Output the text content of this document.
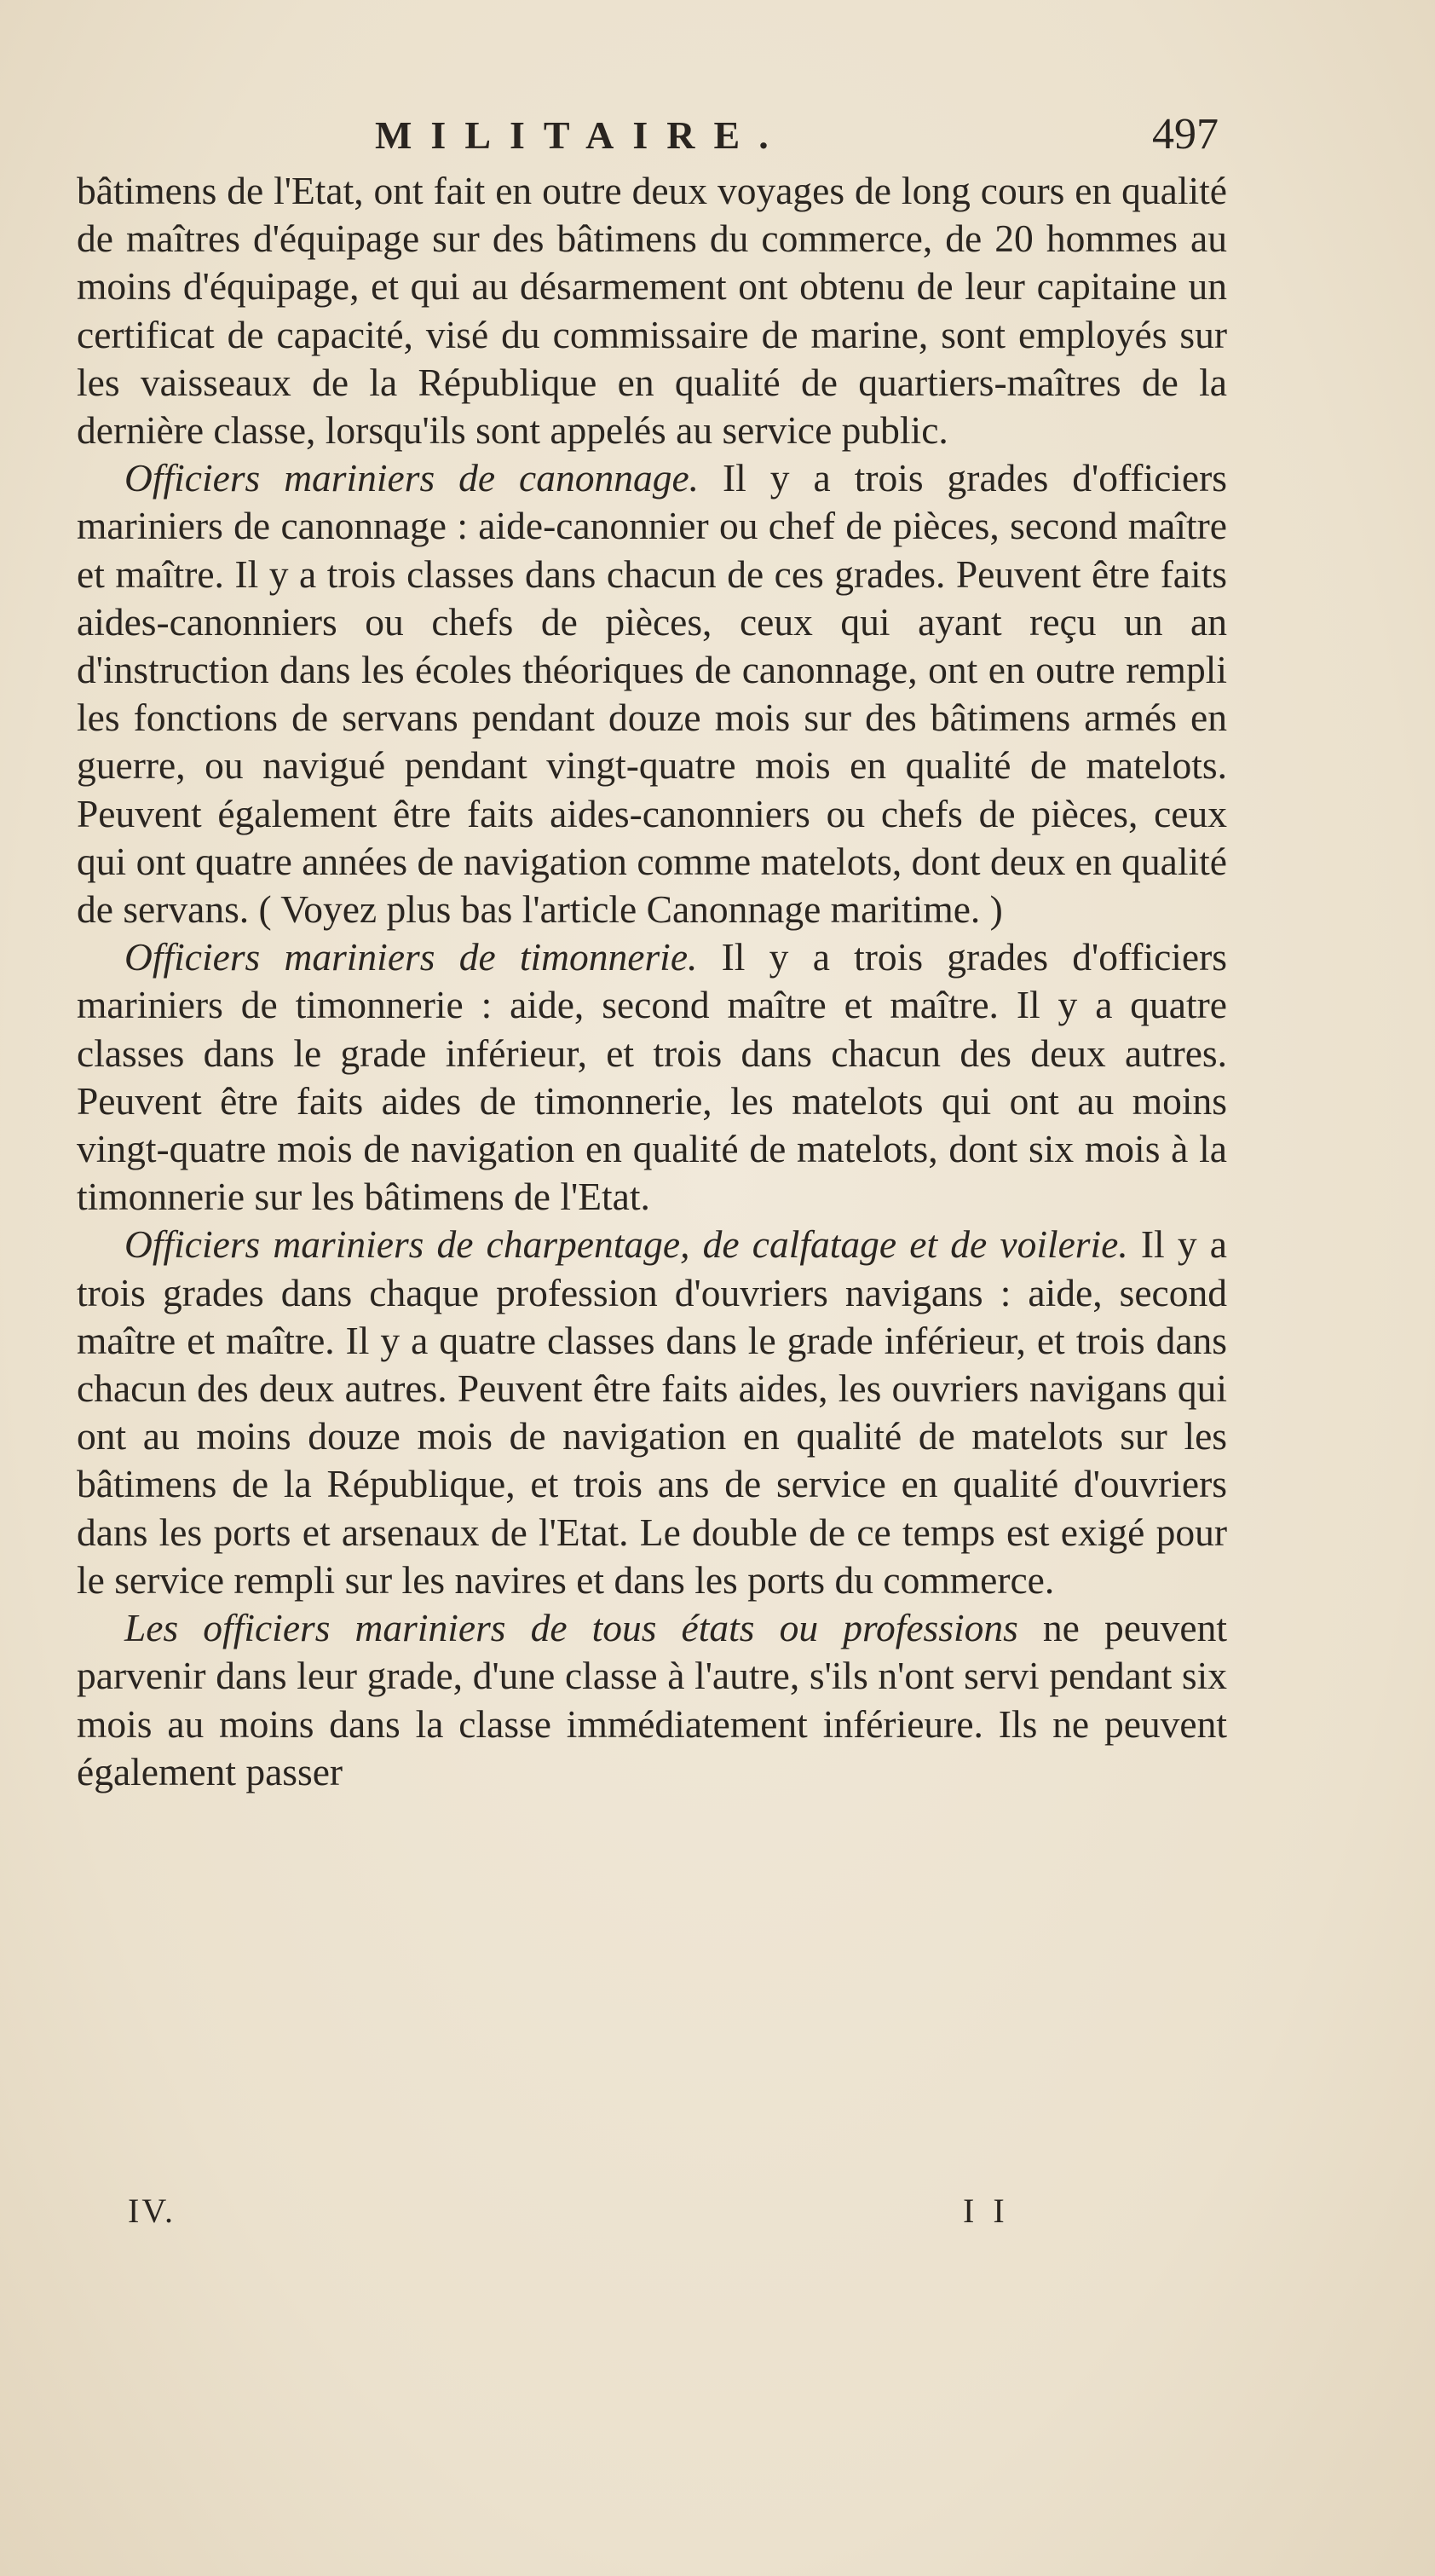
MILITAIRE.	497

bâtimens de l'Etat, ont fait en outre deux voyages de long cours en qualité de maîtres d'équipage sur des bâtimens du commerce, de 20 hommes au moins d'équipage, et qui au désarmement ont obtenu de leur capitaine un certificat de capacité, visé du commissaire de marine, sont employés sur les vaisseaux de la République en qualité de quartiers-maîtres de la dernière classe, lorsqu'ils sont appelés au service public.

Officiers mariniers de canonnage. Il y a trois grades d'officiers mariniers de canonnage : aide-canonnier ou chef de pièces, second maître et maître. Il y a trois classes dans chacun de ces grades. Peuvent être faits aides-canonniers ou chefs de pièces, ceux qui ayant reçu un an d'instruction dans les écoles théoriques de canonnage, ont en outre rempli les fonctions de servans pendant douze mois sur des bâtimens armés en guerre, ou navigué pendant vingt-quatre mois en qualité de matelots. Peuvent également être faits aides-canonniers ou chefs de pièces, ceux qui ont quatre années de navigation comme matelots, dont deux en qualité de servans. ( Voyez plus bas l'article Canonnage maritime. )

Officiers mariniers de timonnerie. Il y a trois grades d'officiers mariniers de timonnerie : aide, second maître et maître. Il y a quatre classes dans le grade inférieur, et trois dans chacun des deux autres. Peuvent être faits aides de timonnerie, les matelots qui ont au moins vingt-quatre mois de navigation en qualité de matelots, dont six mois à la timonnerie sur les bâtimens de l'Etat.

Officiers mariniers de charpentage, de calfatage et de voilerie. Il y a trois grades dans chaque profession d'ouvriers navigans : aide, second maître et maître. Il y a quatre classes dans le grade inférieur, et trois dans chacun des deux autres. Peuvent être faits aides, les ouvriers navigans qui ont au moins douze mois de navigation en qualité de matelots sur les bâtimens de la République, et trois ans de service en qualité d'ouvriers dans les ports et arsenaux de l'Etat. Le double de ce temps est exigé pour le service rempli sur les navires et dans les ports du commerce.

Les officiers mariniers de tous états ou professions ne peuvent parvenir dans leur grade, d'une classe à l'autre, s'ils n'ont servi pendant six mois au moins dans la classe immédiatement inférieure. Ils ne peuvent également passer

IV.	I I
